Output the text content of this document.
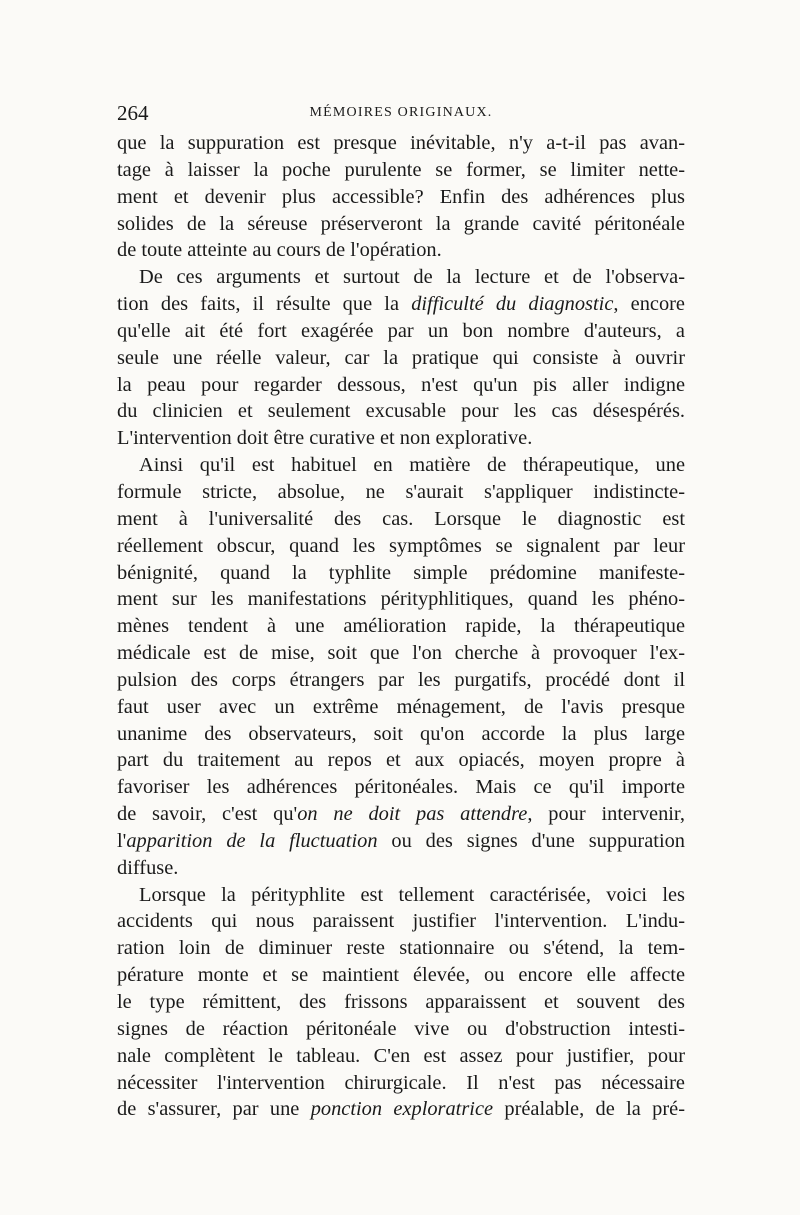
264	MÉMOIRES ORIGINAUX.
que la suppuration est presque inévitable, n'y a-t-il pas avan-
tage à laisser la poche purulente se former, se limiter nette-
ment et devenir plus accessible? Enfin des adhérences plus
solides de la séreuse préserveront la grande cavité péritonéale
de toute atteinte au cours de l'opération.
De ces arguments et surtout de la lecture et de l'observa-
tion des faits, il résulte que la difficulté du diagnostic, encore
qu'elle ait été fort exagérée par un bon nombre d'auteurs, a
seule une réelle valeur, car la pratique qui consiste à ouvrir
la peau pour regarder dessous, n'est qu'un pis aller indigne
du clinicien et seulement excusable pour les cas désespérés.
L'intervention doit être curative et non explorative.
Ainsi qu'il est habituel en matière de thérapeutique, une
formule stricte, absolue, ne s'aurait s'appliquer indistincte-
ment à l'universalité des cas. Lorsque le diagnostic est
réellement obscur, quand les symptômes se signalent par leur
bénignité, quand la typhlite simple prédomine manifeste-
ment sur les manifestations pérityphlitiques, quand les phéno-
mènes tendent à une amélioration rapide, la thérapeutique
médicale est de mise, soit que l'on cherche à provoquer l'ex-
pulsion des corps étrangers par les purgatifs, procédé dont il
faut user avec un extrême ménagement, de l'avis presque
unanime des observateurs, soit qu'on accorde la plus large
part du traitement au repos et aux opiacés, moyen propre à
favoriser les adhérences péritonéales. Mais ce qu'il importe
de savoir, c'est qu'on ne doit pas attendre, pour intervenir,
l'apparition de la fluctuation ou des signes d'une suppuration
diffuse.
Lorsque la pérityphlite est tellement caractérisée, voici les
accidents qui nous paraissent justifier l'intervention. L'indu-
ration loin de diminuer reste stationnaire ou s'étend, la tem-
pérature monte et se maintient élevée, ou encore elle affecte
le type rémittent, des frissons apparaissent et souvent des
signes de réaction péritonéale vive ou d'obstruction intesti-
nale complètent le tableau. C'en est assez pour justifier, pour
nécessiter l'intervention chirurgicale. Il n'est pas nécessaire
de s'assurer, par une ponction exploratrice préalable, de la pré-
